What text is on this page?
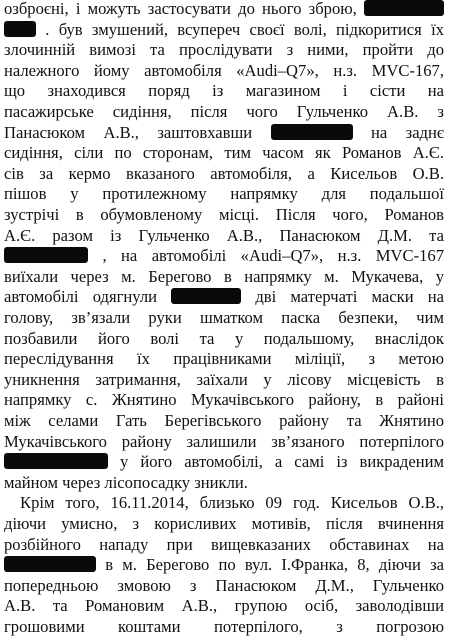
озброєні, і можуть застосувати до нього зброю,
. був змушений, всупереч своєї волі, підкоритися їх
злочинній вимозі та прослідувати з ними, пройти до
належного йому автомобіля «Audi–Q7», н.з. MVC-167,
що знаходився поряд із магазином і сісти на
пасажирське сидіння, після чого Гульченко А.В. з
Панасюком А.В., заштовхавши	на заднє
сидіння, сіли по сторонам, тим часом як Романов А.Є.
сів за кермо вказаного автомобіля, а Кисельов О.В.
пішов у протилежному напрямку для подальшої
зустрічі в обумовленому місці. Після чого, Романов
А.Є. разом із Гульченко А.В., Панасюком Д.М. та
, на автомобілі «Audi–Q7», н.з. MVC-167
виїхали через м. Берегово в напрямку м. Мукачева, у
автомобілі одягнули	дві матерчаті маски на
голову, зв’язали руки шматком паска безпеки, чим
позбавили його волі та у подальшому, внаслідок
переслідування їх працівниками міліції, з метою
уникнення затримання, заїхали у лісову місцевість в
напрямку с. Жнятино Мукачівського району, в районі
між селами Гать Берегівського району та Жнятино
Мукачівського району залишили зв’язаного потерпілого
у його автомобілі, а самі із викраденим
майном через лісопосадку зникли.
Крім того, 16.11.2014, близько 09 год. Кисельов О.В.,
діючи умисно, з корисливих мотивів, після вчинення
розбійного нападу при вищевказаних обставинах на
в м. Берегово по вул. І.Франка, 8, діючи за
попередньою змовою з Панасюком Д.М., Гульченко
А.В. та Романовим А.В., групою осіб, заволодівши
грошовими коштами потерпілого, з погрозою
